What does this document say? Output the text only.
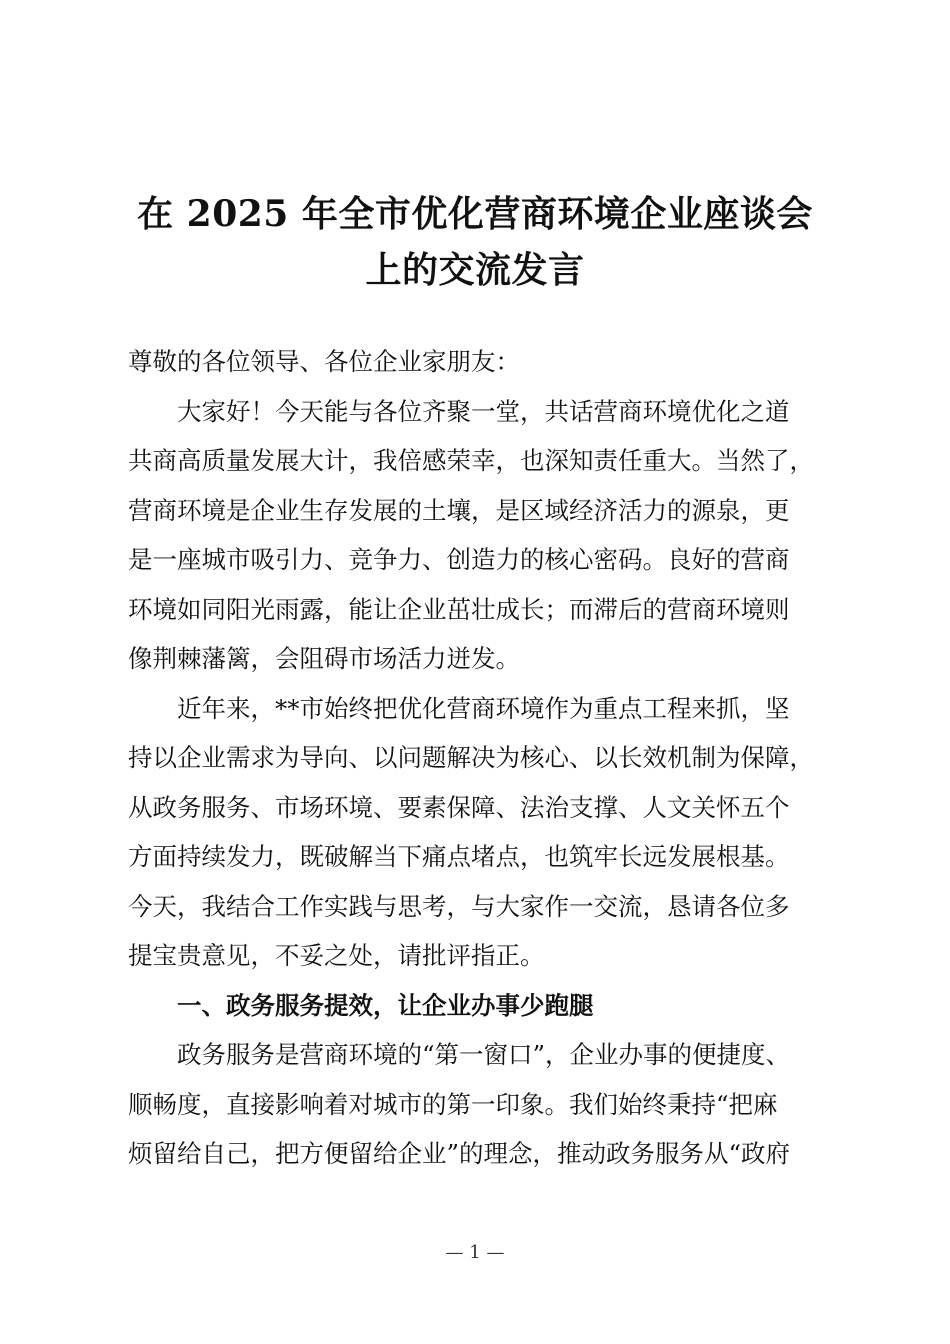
在 2025 年全市优化营商环境企业座谈会
上的交流发言
尊敬的各位领导、各位企业家朋友：
大家好！今天能与各位齐聚一堂，共话营商环境优化之道
共商高质量发展大计，我倍感荣幸，也深知责任重大。当然了，
营商环境是企业生存发展的土壤，是区域经济活力的源泉，更
是一座城市吸引力、竞争力、创造力的核心密码。良好的营商
环境如同阳光雨露，能让企业茁壮成长；而滞后的营商环境则
像荆棘藩篱，会阻碍市场活力迸发。
近年来，**市始终把优化营商环境作为重点工程来抓，坚
持以企业需求为导向、以问题解决为核心、以长效机制为保障，
从政务服务、市场环境、要素保障、法治支撑、人文关怀五个
方面持续发力，既破解当下痛点堵点，也筑牢长远发展根基。
今天，我结合工作实践与思考，与大家作一交流，恳请各位多
提宝贵意见，不妥之处，请批评指正。
一、政务服务提效，让企业办事少跑腿
政务服务是营商环境的“第一窗口”，企业办事的便捷度、
顺畅度，直接影响着对城市的第一印象。我们始终秉持“把麻
烦留给自己，把方便留给企业”的理念，推动政务服务从“政府
— 1 —
